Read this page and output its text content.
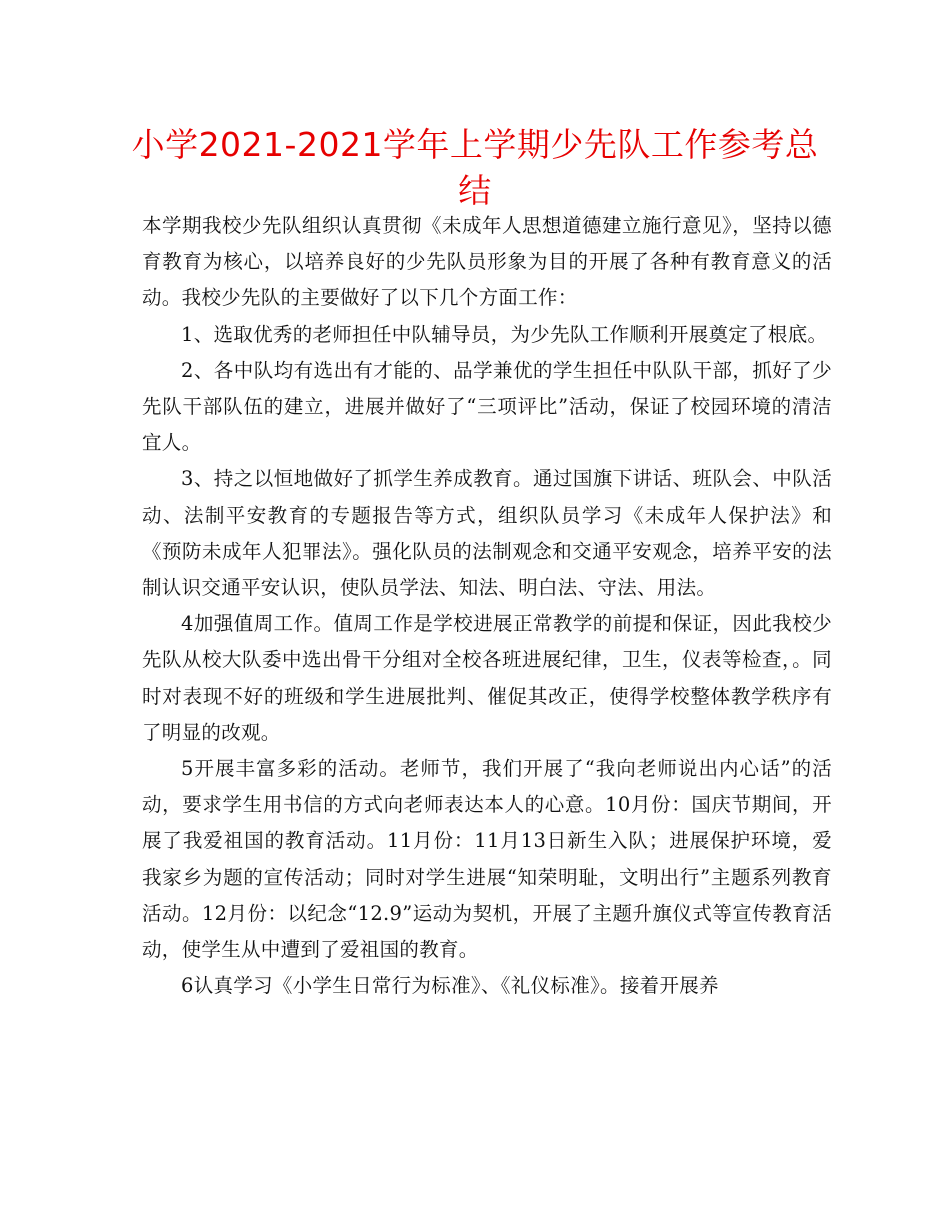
小学2021-2021学年上学期少先队工作参考总结

本学期我校少先队组织认真贯彻《未成年人思想道德建立施行意见》，坚持以德育教育为核心，以培养良好的少先队员形象为目的开展了各种有教育意义的活动。我校少先队的主要做好了以下几个方面工作：

1、选取优秀的老师担任中队辅导员，为少先队工作顺利开展奠定了根底。

2、各中队均有选出有才能的、品学兼优的学生担任中队队干部，抓好了少先队干部队伍的建立，进展并做好了“三项评比”活动，保证了校园环境的清洁宜人。

3、持之以恒地做好了抓学生养成教育。通过国旗下讲话、班队会、中队活动、法制平安教育的专题报告等方式，组织队员学习《未成年人保护法》和《预防未成年人犯罪法》。强化队员的法制观念和交通平安观念，培养平安的法制认识交通平安认识，使队员学法、知法、明白法、守法、用法。

4加强值周工作。值周工作是学校进展正常教学的前提和保证，因此我校少先队从校大队委中选出骨干分组对全校各班进展纪律，卫生，仪表等检查，。同时对表现不好的班级和学生进展批判、催促其改正，使得学校整体教学秩序有了明显的改观。

5开展丰富多彩的活动。老师节，我们开展了“我向老师说出内心话”的活动，要求学生用书信的方式向老师表达本人的心意。10月份：国庆节期间，开展了我爱祖国的教育活动。11月份：11月13日新生入队；进展保护环境，爱我家乡为题的宣传活动；同时对学生进展“知荣明耻，文明出行”主题系列教育活动。12月份：以纪念“12.9”运动为契机，开展了主题升旗仪式等宣传教育活动，使学生从中遭到了爱祖国的教育。

6认真学习《小学生日常行为标准》、《礼仪标准》。接着开展养
